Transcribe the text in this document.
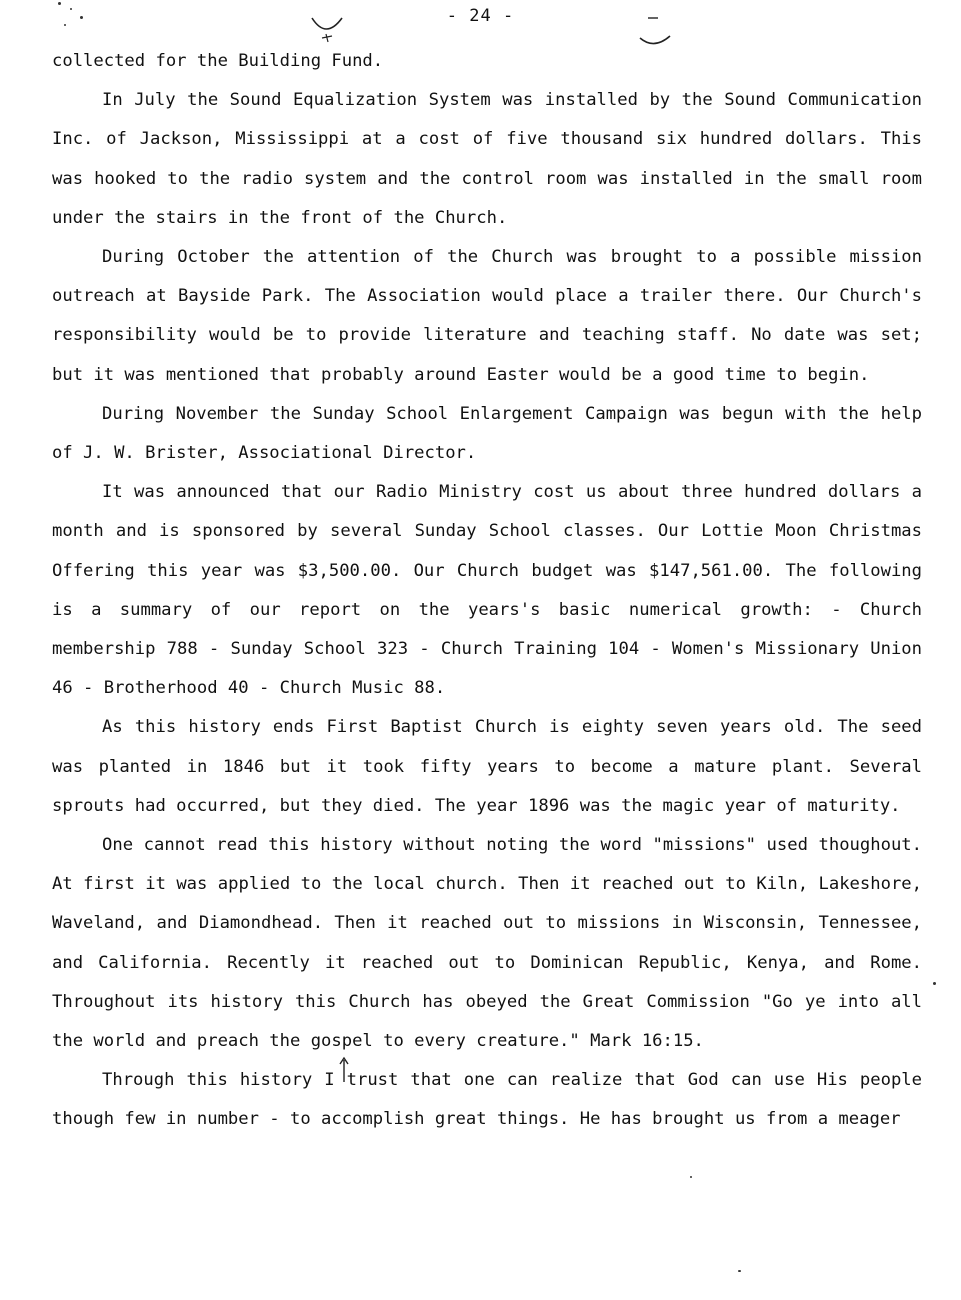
- 24 -

collected for the Building Fund.

In July the Sound Equalization System was installed by the Sound Communication Inc. of Jackson, Mississippi at a cost of five thousand six hundred dollars. This was hooked to the radio system and the control room was installed in the small room under the stairs in the front of the Church.

During October the attention of the Church was brought to a possible mission outreach at Bayside Park. The Association would place a trailer there. Our Church's responsibility would be to provide literature and teaching staff. No date was set; but it was mentioned that probably around Easter would be a good time to begin.

During November the Sunday School Enlargement Campaign was begun with the help of J. W. Brister, Associational Director.

It was announced that our Radio Ministry cost us about three hundred dollars a month and is sponsored by several Sunday School classes. Our Lottie Moon Christmas Offering this year was $3,500.00. Our Church budget was $147,561.00. The following is a summary of our report on the years's basic numerical growth: - Church membership 788 - Sunday School 323 - Church Training 104 - Women's Missionary Union 46 - Brotherhood 40 - Church Music 88.

As this history ends First Baptist Church is eighty seven years old. The seed was planted in 1846 but it took fifty years to become a mature plant. Several sprouts had occurred, but they died. The year 1896 was the magic year of maturity.

One cannot read this history without noting the word "missions" used thoughout. At first it was applied to the local church. Then it reached out to Kiln, Lakeshore, Waveland, and Diamondhead. Then it reached out to missions in Wisconsin, Tennessee, and California. Recently it reached out to Dominican Republic, Kenya, and Rome. Throughout its history this Church has obeyed the Great Commission "Go ye into all the world and preach the gospel to every creature." Mark 16:15.

Through this history I trust that one can realize that God can use His people though few in number - to accomplish great things. He has brought us from a meager
